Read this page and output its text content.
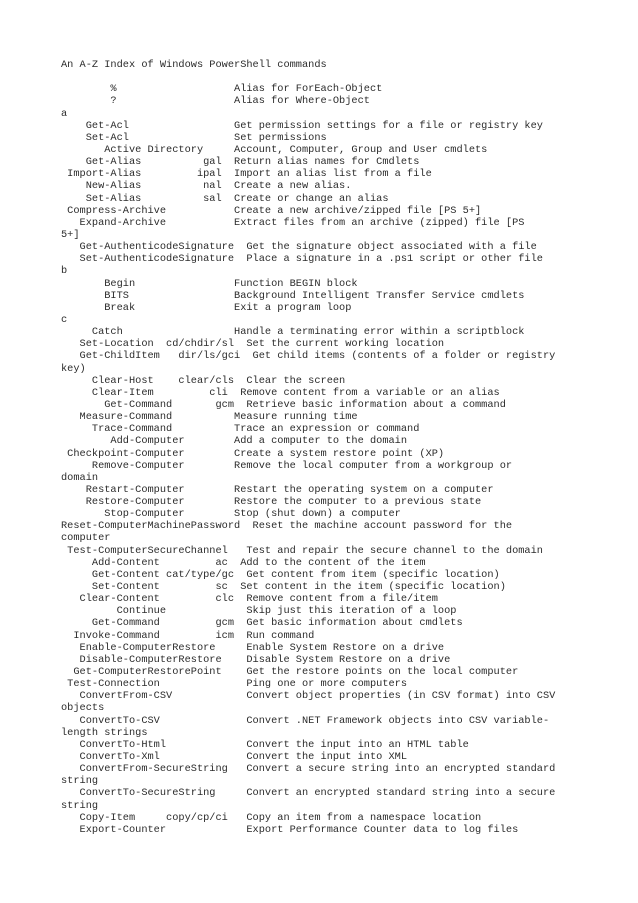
An A-Z Index of Windows PowerShell commands
%                   Alias for ForEach-Object
?                   Alias for Where-Object
a
Get-Acl                 Get permission settings for a file or registry key
Set-Acl                 Set permissions
Active Directory     Account, Computer, Group and User cmdlets
Get-Alias          gal  Return alias names for Cmdlets
Import-Alias         ipal  Import an alias list from a file
New-Alias          nal  Create a new alias.
Set-Alias          sal  Create or change an alias
Compress-Archive           Create a new archive/zipped file [PS 5+]
Expand-Archive           Extract files from an archive (zipped) file [PS
5+]
Get-AuthenticodeSignature  Get the signature object associated with a file
Set-AuthenticodeSignature  Place a signature in a .ps1 script or other file
b
Begin                Function BEGIN block
BITS                 Background Intelligent Transfer Service cmdlets
Break                Exit a program loop
c
Catch                  Handle a terminating error within a scriptblock
Set-Location  cd/chdir/sl  Set the current working location
Get-ChildItem   dir/ls/gci  Get child items (contents of a folder or registry
key)
Clear-Host    clear/cls  Clear the screen
Clear-Item         cli  Remove content from a variable or an alias
Get-Command       gcm  Retrieve basic information about a command
Measure-Command          Measure running time
Trace-Command          Trace an expression or command
Add-Computer        Add a computer to the domain
Checkpoint-Computer        Create a system restore point (XP)
Remove-Computer        Remove the local computer from a workgroup or
domain
Restart-Computer        Restart the operating system on a computer
Restore-Computer        Restore the computer to a previous state
Stop-Computer        Stop (shut down) a computer
Reset-ComputerMachinePassword  Reset the machine account password for the
computer
Test-ComputerSecureChannel   Test and repair the secure channel to the domain
Add-Content         ac  Add to the content of the item
Get-Content cat/type/gc  Get content from item (specific location)
Set-Content         sc  Set content in the item (specific location)
Clear-Content         clc  Remove content from a file/item
Continue             Skip just this iteration of a loop
Get-Command         gcm  Get basic information about cmdlets
Invoke-Command         icm  Run command
Enable-ComputerRestore     Enable System Restore on a drive
Disable-ComputerRestore    Disable System Restore on a drive
Get-ComputerRestorePoint    Get the restore points on the local computer
Test-Connection              Ping one or more computers
ConvertFrom-CSV            Convert object properties (in CSV format) into CSV
objects
ConvertTo-CSV              Convert .NET Framework objects into CSV variable-
length strings
ConvertTo-Html             Convert the input into an HTML table
ConvertTo-Xml              Convert the input into XML
ConvertFrom-SecureString   Convert a secure string into an encrypted standard
string
ConvertTo-SecureString     Convert an encrypted standard string into a secure
string
Copy-Item     copy/cp/ci   Copy an item from a namespace location
Export-Counter             Export Performance Counter data to log files
